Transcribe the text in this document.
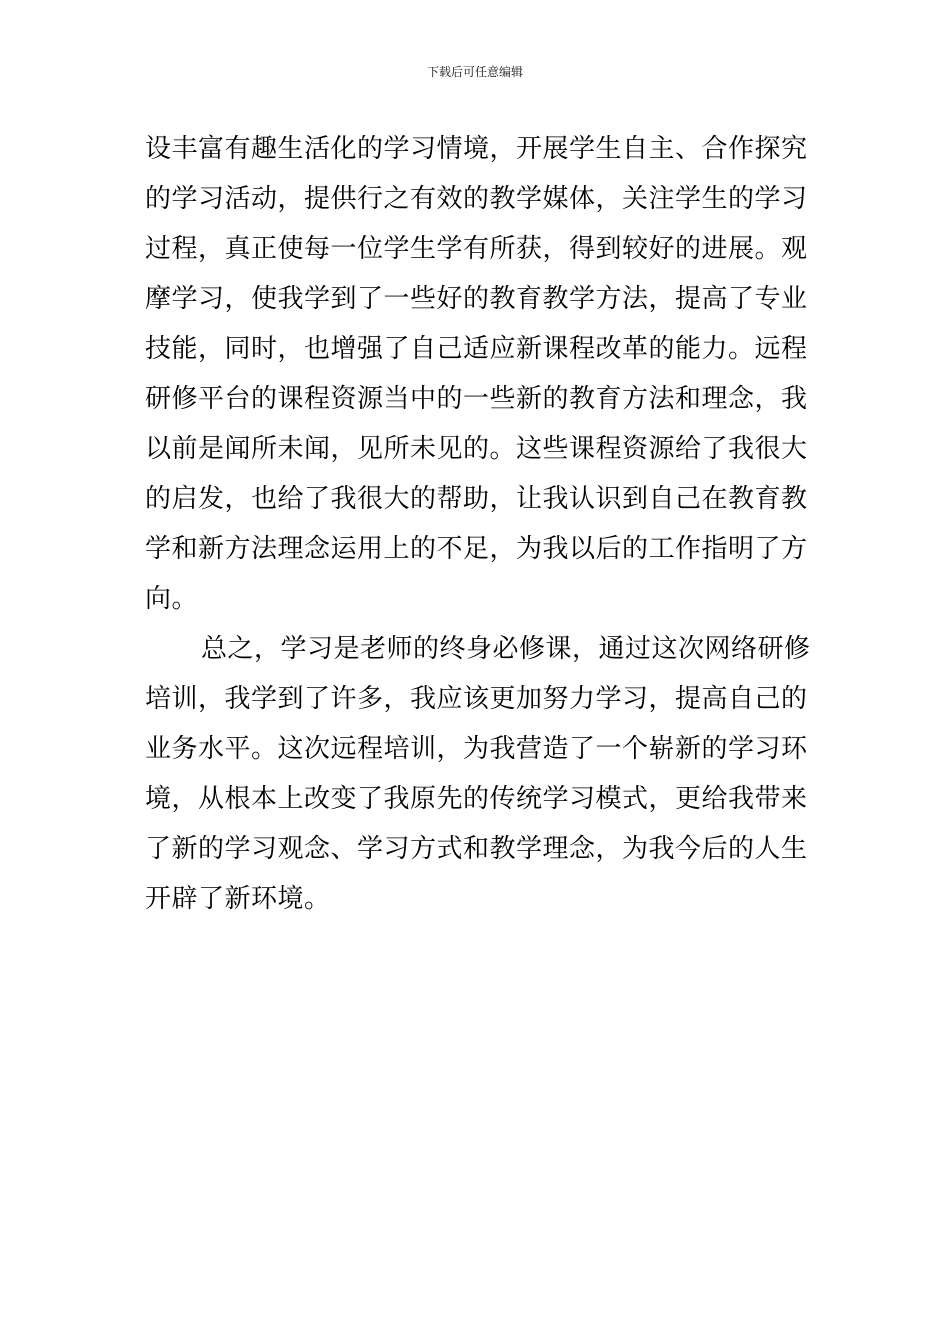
下载后可任意编辑
设丰富有趣生活化的学习情境，开展学生自主、合作探究
的学习活动，提供行之有效的教学媒体，关注学生的学习
过程，真正使每一位学生学有所获，得到较好的进展。观
摩学习，使我学到了一些好的教育教学方法，提高了专业
技能，同时，也增强了自己适应新课程改革的能力。远程
研修平台的课程资源当中的一些新的教育方法和理念，我
以前是闻所未闻，见所未见的。这些课程资源给了我很大
的启发，也给了我很大的帮助，让我认识到自己在教育教
学和新方法理念运用上的不足，为我以后的工作指明了方
向。
总之，学习是老师的终身必修课，通过这次网络研修
培训，我学到了许多，我应该更加努力学习，提高自己的
业务水平。这次远程培训，为我营造了一个崭新的学习环
境，从根本上改变了我原先的传统学习模式，更给我带来
了新的学习观念、学习方式和教学理念，为我今后的人生
开辟了新环境。
